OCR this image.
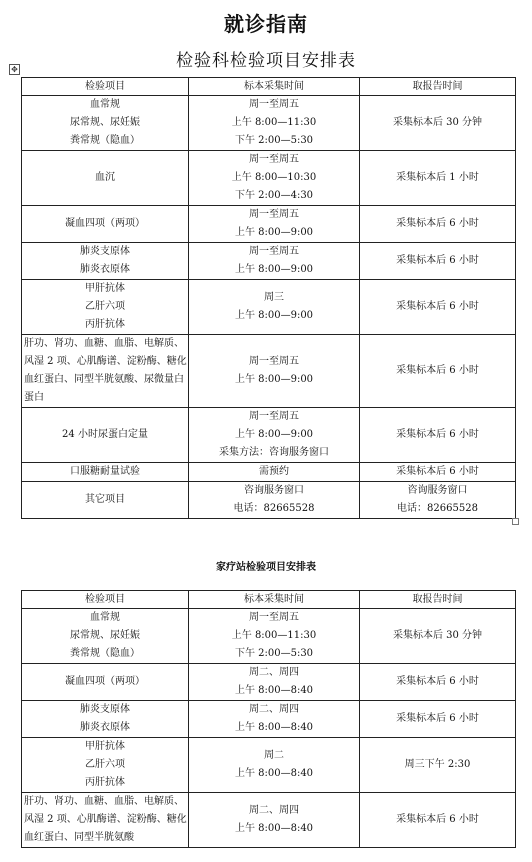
就诊指南
检验科检验项目安排表
✥
检验项目	标本采集时间	取报告时间

血常规
尿常规、尿妊娠
粪常规（隐血）	周一至周五
上午 8:00—11:30
下午 2:00—5:30	采集标本后 30 分钟

血沉	周一至周五
上午 8:00—10:30
下午 2:00—4:30	采集标本后 1 小时

凝血四项（两项）	周一至周五
上午 8:00—9:00	采集标本后 6 小时

肺炎支原体
肺炎衣原体	周一至周五
上午 8:00—9:00	采集标本后 6 小时

甲肝抗体
乙肝六项
丙肝抗体	周三
上午 8:00—9:00	采集标本后 6 小时

肝功、肾功、血糖、血脂、电解质、风湿 2 项、心肌酶谱、淀粉酶、糖化血红蛋白、同型半胱氨酸、尿微量白蛋白	周一至周五
上午 8:00—9:00	采集标本后 6 小时

24 小时尿蛋白定量	周一至周五
上午 8:00—9:00
采集方法：咨询服务窗口	采集标本后 6 小时

口服糖耐量试验	需预约	采集标本后 6 小时

其它项目	咨询服务窗口
电话：82665528	咨询服务窗口
电话：82665528
家疗站检验项目安排表
检验项目	标本采集时间	取报告时间

血常规
尿常规、尿妊娠
粪常规（隐血）	周一至周五
上午 8:00—11:30
下午 2:00—5:30	采集标本后 30 分钟

凝血四项（两项）	周二、周四
上午 8:00—8:40	采集标本后 6 小时

肺炎支原体
肺炎衣原体	周二、周四
上午 8:00—8:40	采集标本后 6 小时

甲肝抗体
乙肝六项
丙肝抗体	周二
上午 8:00—8:40	周三下午 2:30

肝功、肾功、血糖、血脂、电解质、风湿 2 项、心肌酶谱、淀粉酶、糖化血红蛋白、同型半胱氨酸	周二、周四
上午 8:00—8:40	采集标本后 6 小时
